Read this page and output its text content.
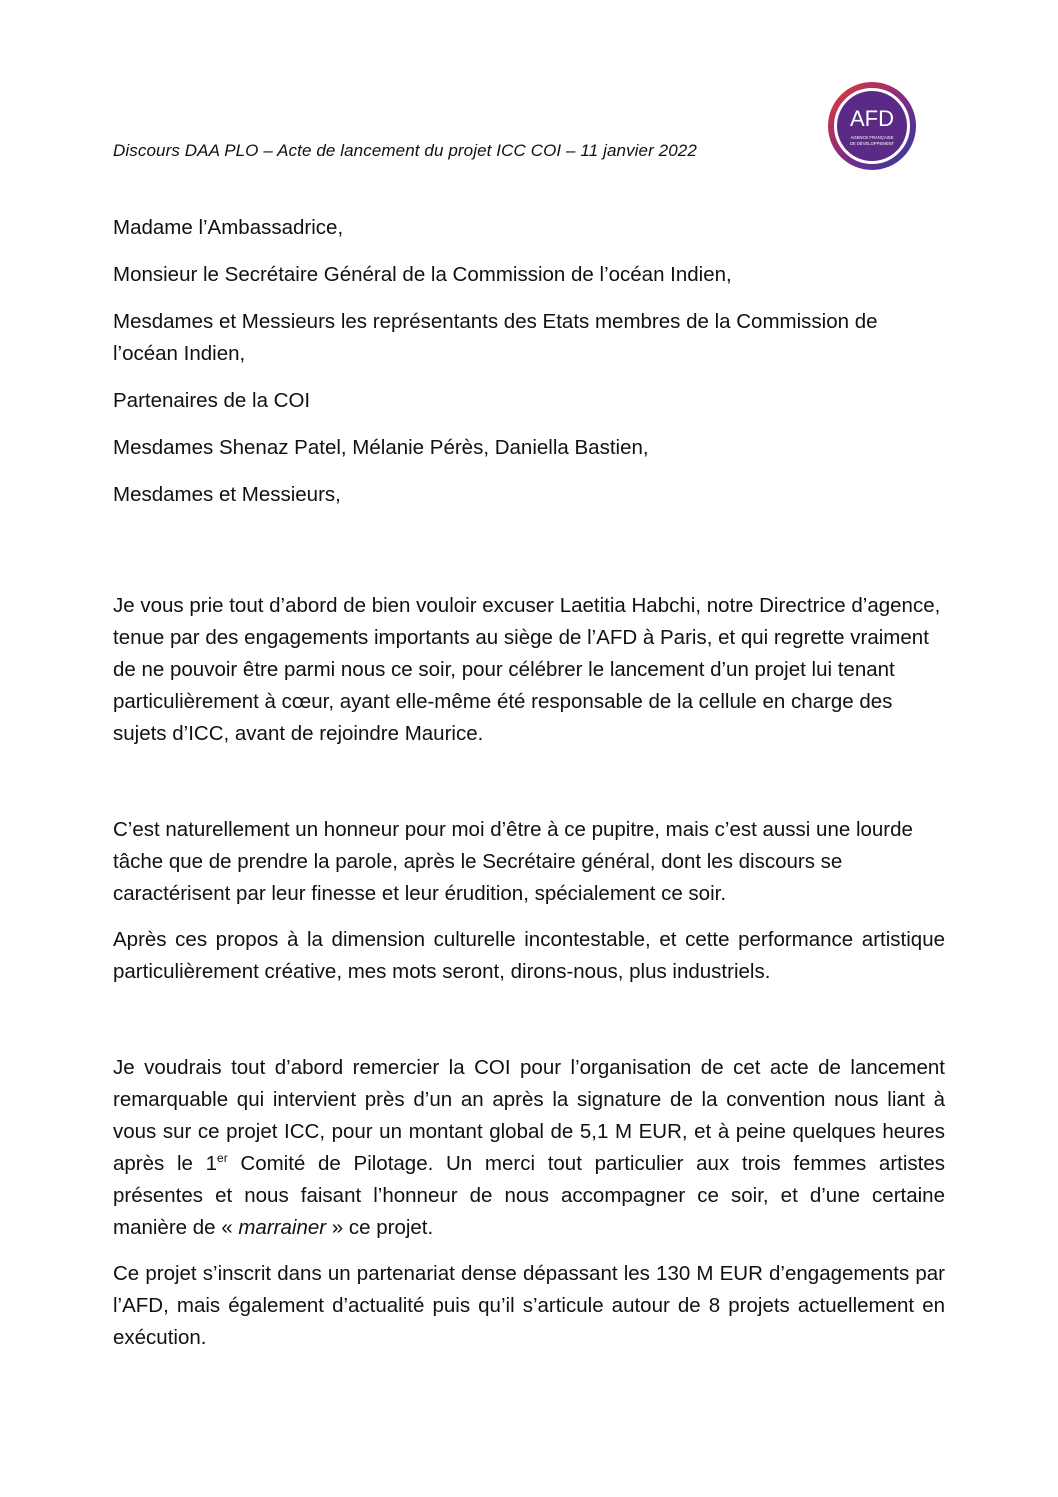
AFD
AGENCE FRANÇAISE
DE DÉVELOPPEMENT
Discours DAA PLO – Acte de lancement du projet ICC COI – 11 janvier 2022

Madame l’Ambassadrice,

Monsieur le Secrétaire Général de la Commission de l’océan Indien,

Mesdames et Messieurs les représentants des Etats membres de la Commission de l’océan Indien,

Partenaires de la COI

Mesdames Shenaz Patel, Mélanie Pérès, Daniella Bastien,

Mesdames et Messieurs,

Je vous prie tout d’abord de bien vouloir excuser Laetitia Habchi, notre Directrice d’agence, tenue par des engagements importants au siège de l’AFD à Paris, et qui regrette vraiment de ne pouvoir être parmi nous ce soir, pour célébrer le lancement d’un projet lui tenant particulièrement à cœur, ayant elle-même été responsable de la cellule en charge des sujets d’ICC, avant de rejoindre Maurice.

C’est naturellement un honneur pour moi d’être à ce pupitre, mais c’est aussi une lourde tâche que de prendre la parole, après le Secrétaire général, dont les discours se caractérisent par leur finesse et leur érudition, spécialement ce soir.

Après ces propos à la dimension culturelle incontestable, et cette performance artistique particulièrement créative, mes mots seront, dirons-nous, plus industriels.

Je voudrais tout d’abord remercier la COI pour l’organisation de cet acte de lancement remarquable qui intervient près d’un an après la signature de la convention nous liant à vous sur ce projet ICC, pour un montant global de 5,1 M EUR, et à peine quelques heures après le 1er Comité de Pilotage. Un merci tout particulier aux trois femmes artistes présentes et nous faisant l’honneur de nous accompagner ce soir, et d’une certaine manière de « marrainer » ce projet.

Ce projet s’inscrit dans un partenariat dense dépassant les 130 M EUR d’engagements par l’AFD, mais également d’actualité puis qu’il s’articule autour de 8 projets actuellement en exécution.
